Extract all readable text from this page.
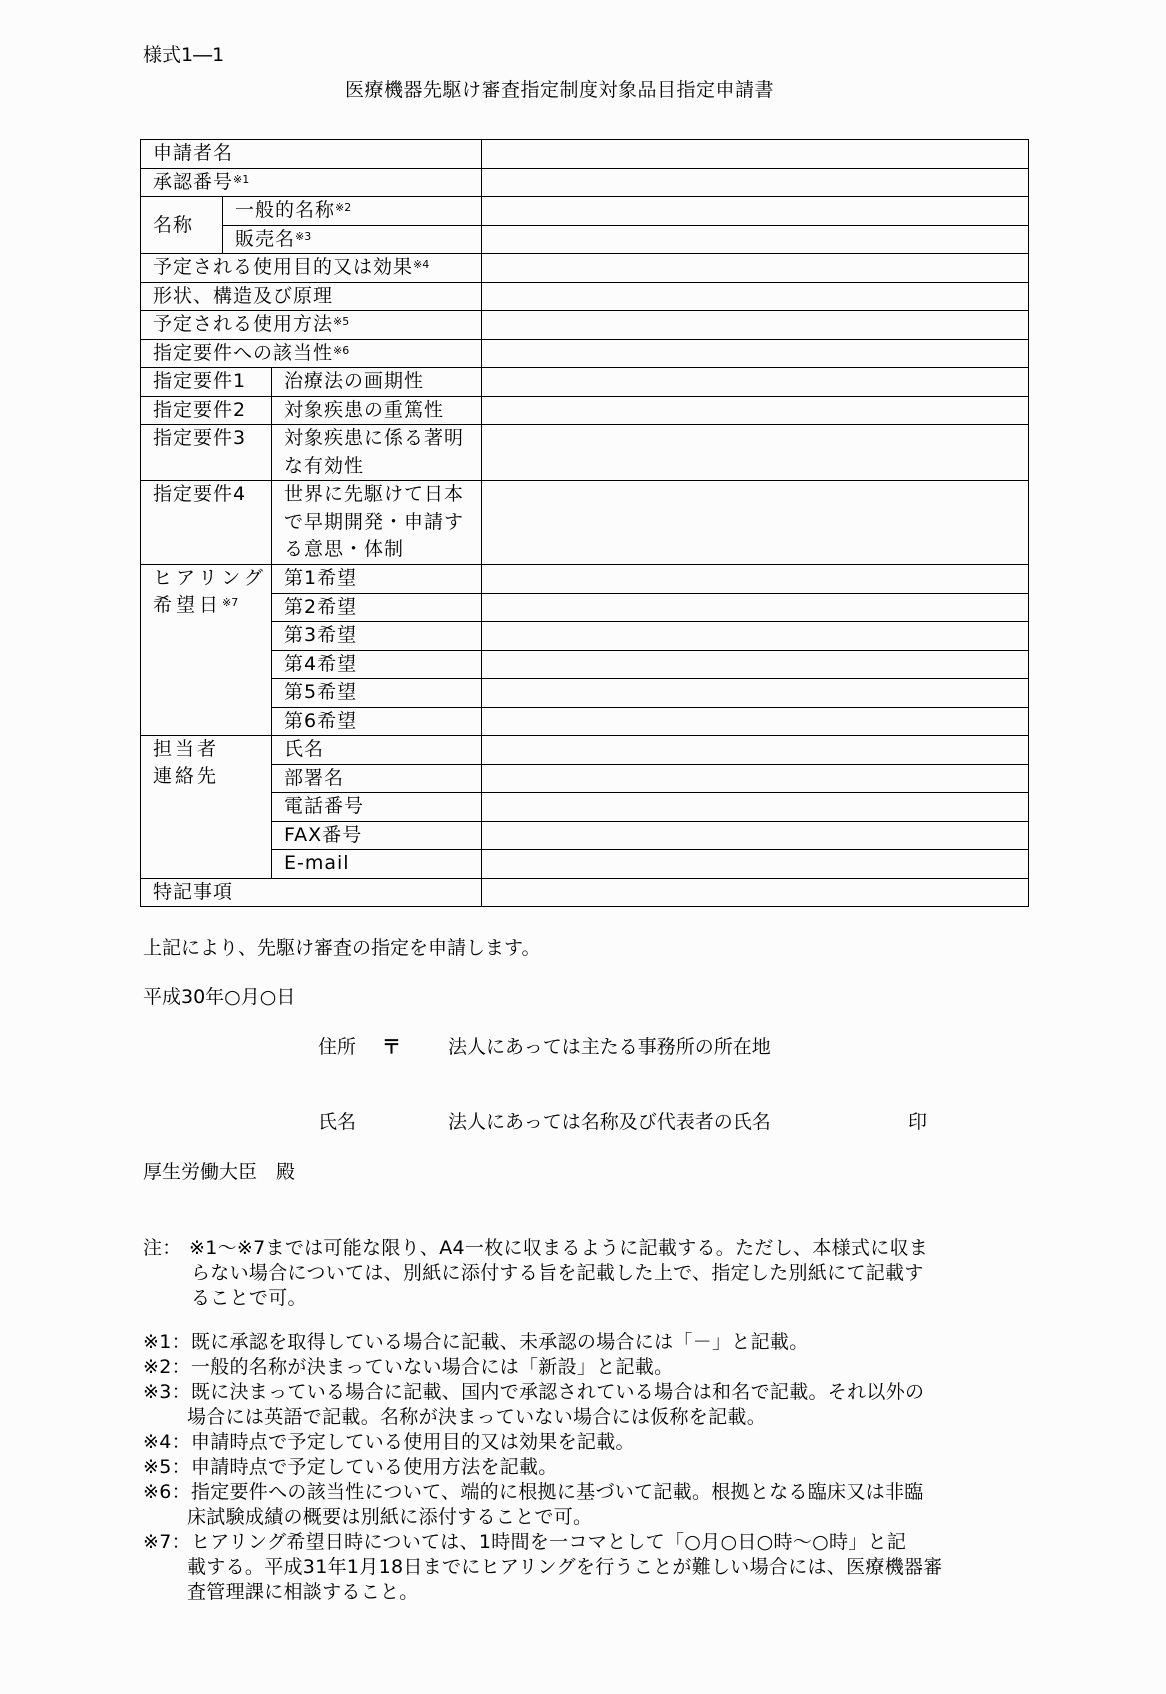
様式1―1
医療機器先駆け審査指定制度対象品目指定申請書
申請者名			
承認番号$^{※1}$	
名称	一般的名称$^{※2}$	
	販売名$^{※3}$	
予定される使用目的又は効果$^{※4}$	
形状、構造及び原理			
予定される使用方法$^{※5}$	
指定要件への該当性$^{※6}$	
指定要件1		治療法の画期性	
指定要件2		対象疾患の重篤性	
指定要件3		対象疾患に係る著明な有効性	
指定要件4		世界に先駆けて日本で早期開発・申請する意思・体制	

ヒアリング
希望日$^{※7}$		第1希望	
		第2希望	
		第3希望	
		第4希望	
		第5希望	
		第6希望	

担当者
連絡先		氏名	
		部署名	
		電話番号	
		FAX番号	
		E-mail	
特記事項			
上記により、先駆け審査の指定を申請します。
平成30年○月○日
住所 〒 法人にあっては主たる事務所の所在地
氏名	法人にあっては名称及び代表者の氏名	印
厚生労働大臣　殿
注： ※1～※7までは可能な限り、A4一枚に収まるように記載する。ただし、本様式に収ま
らない場合については、別紙に添付する旨を記載した上で、指定した別紙にて記載す
ることで可。
※1：既に承認を取得している場合に記載、未承認の場合には「－」と記載。
※2：一般的名称が決まっていない場合には「新設」と記載。
※3：既に決まっている場合に記載、国内で承認されている場合は和名で記載。それ以外の
場合には英語で記載。名称が決まっていない場合には仮称を記載。
※4：申請時点で予定している使用目的又は効果を記載。
※5：申請時点で予定している使用方法を記載。
※6：指定要件への該当性について、端的に根拠に基づいて記載。根拠となる臨床又は非臨
床試験成績の概要は別紙に添付することで可。
※7：ヒアリング希望日時については、1時間を一コマとして「○月○日○時～○時」と記
載する。平成31年1月18日までにヒアリングを行うことが難しい場合には、医療機器審
査管理課に相談すること。
